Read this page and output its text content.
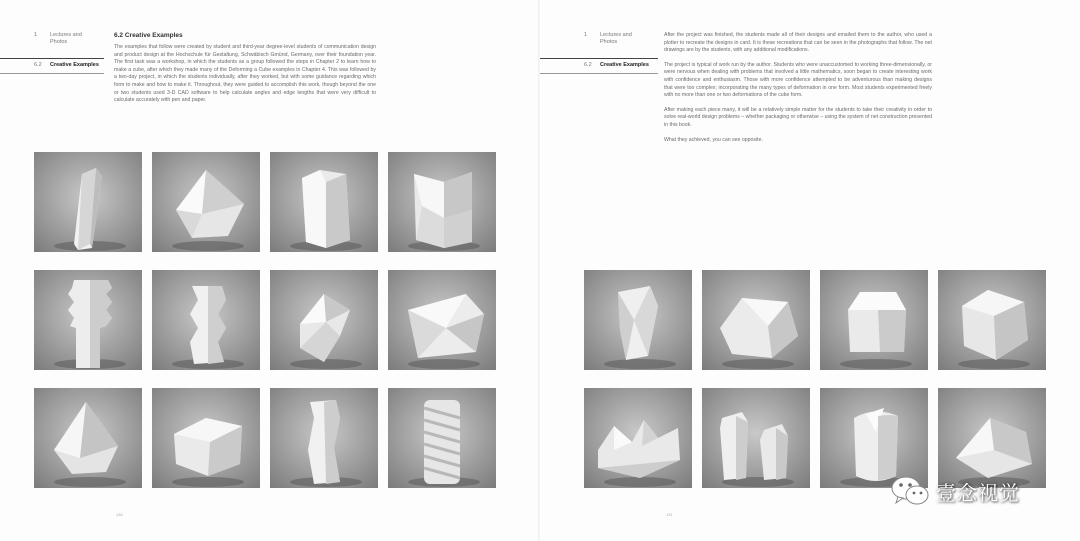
1 Lectures and Photos
6.2 Creative Examples
6.2 Creative Examples

The examples that follow were created by student and third-year degree-level students of communication design and product design at the Hochschule für Gestaltung, Schwäbisch Gmünd, Germany, over their foundation year. The first task was a workshop, in which the students as a group followed the steps in Chapter 2 to learn how to make a cube, after which they made many of the Deforming a Cube examples in Chapter 4. This was followed by a two-day project, in which the students individually, after they worked, but with some guidance regarding which form to make and how to make it. Throughout, they were guided to accomplish this work, though beyond the one or two students used 3-D CAD software to help calculate angles and edge lengths that were very difficult to calculate accurately with pen and paper.

130
1 Lectures and Photos
6.2 Creative Examples

After the project was finished, the students made all of their designs and emailed them to the author, who used a plotter to recreate the designs in card. It is these recreations that can be seen in the photographs that follow. The net drawings are by the students, with any additional modifications.

The project is typical of work run by the author. Students who were unaccustomed to working three-dimensionally, or were nervous when dealing with problems that involved a little mathematics, soon began to create interesting work with confidence and enthusiasm. Those with more confidence attempted to be adventurous than making designs that were too complex; incorporating the many types of deformation in one form. Most students experimented freely with no more than one or two deformations of the cube form.

After making each piece many, it will be a relatively simple matter for the students to take their creativity in order to solve real-world design problems – whether packaging or otherwise – using the system of net construction presented in this book.

What they achieved, you can see opposite.

131
壹念视觉
